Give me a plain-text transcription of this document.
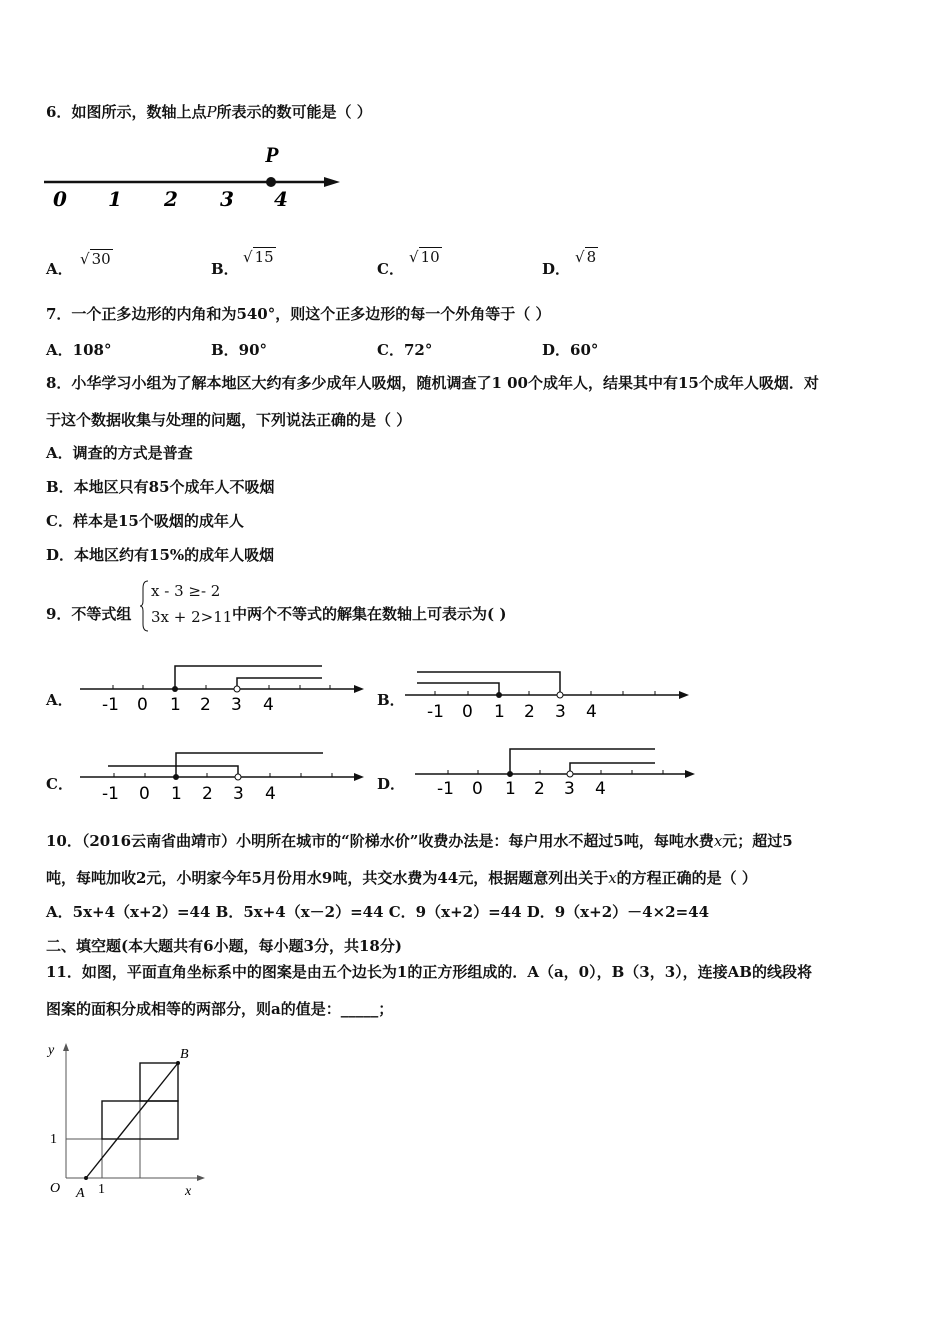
6．如图所示，数轴上点P所表示的数可能是（ ）
P
0 1 2 3 4
A．
√ 30
B．
√ 15
C．
√ 10
D．
√ 8
7．一个正多边形的内角和为540°，则这个正多边形的每一个外角等于（ ）
A．108°	B．90°	C．72°	D．60°
8．小华学习小组为了解本地区大约有多少成年人吸烟，随机调查了1 00个成年人，结果其中有15个成年人吸烟．对
于这个数据收集与处理的问题，下列说法正确的是（ ）
A．调查的方式是普查
B．本地区只有85个成年人不吸烟
C．样本是15个吸烟的成年人
D．本地区约有15%的成年人吸烟
9．不等式组
x - 3 ≥- 2
3x + 2>11 中两个不等式的解集在数轴上可表示为( )
A． -1 0 1 2 3 4	B．
-1 0 1 2 3 4
C． -1 0 1 2 3 4	D． -1 0 1 2 3 4
10．（2016云南省曲靖市）小明所在城市的“阶梯水价”收费办法是：每户用水不超过5吨，每吨水费x元；超过5
吨，每吨加收2元，小明家今年5月份用水9吨，共交水费为44元，根据题意列出关于x的方程正确的是（ ）
A．5x+4（x+2）=44 B．5x+4（x－2）=44 C．9（x+2）=44 D．9（x+2）－4×2=44
二、填空题(本大题共有6小题，每小题3分，共18分)
11．如图，平面直角坐标系中的图案是由五个边长为1的正方形组成的．A（a，0），B（3，3），连接AB的线段将
图案的面积分成相等的两部分，则a的值是：_____；
y
x
O A
B
1
1
